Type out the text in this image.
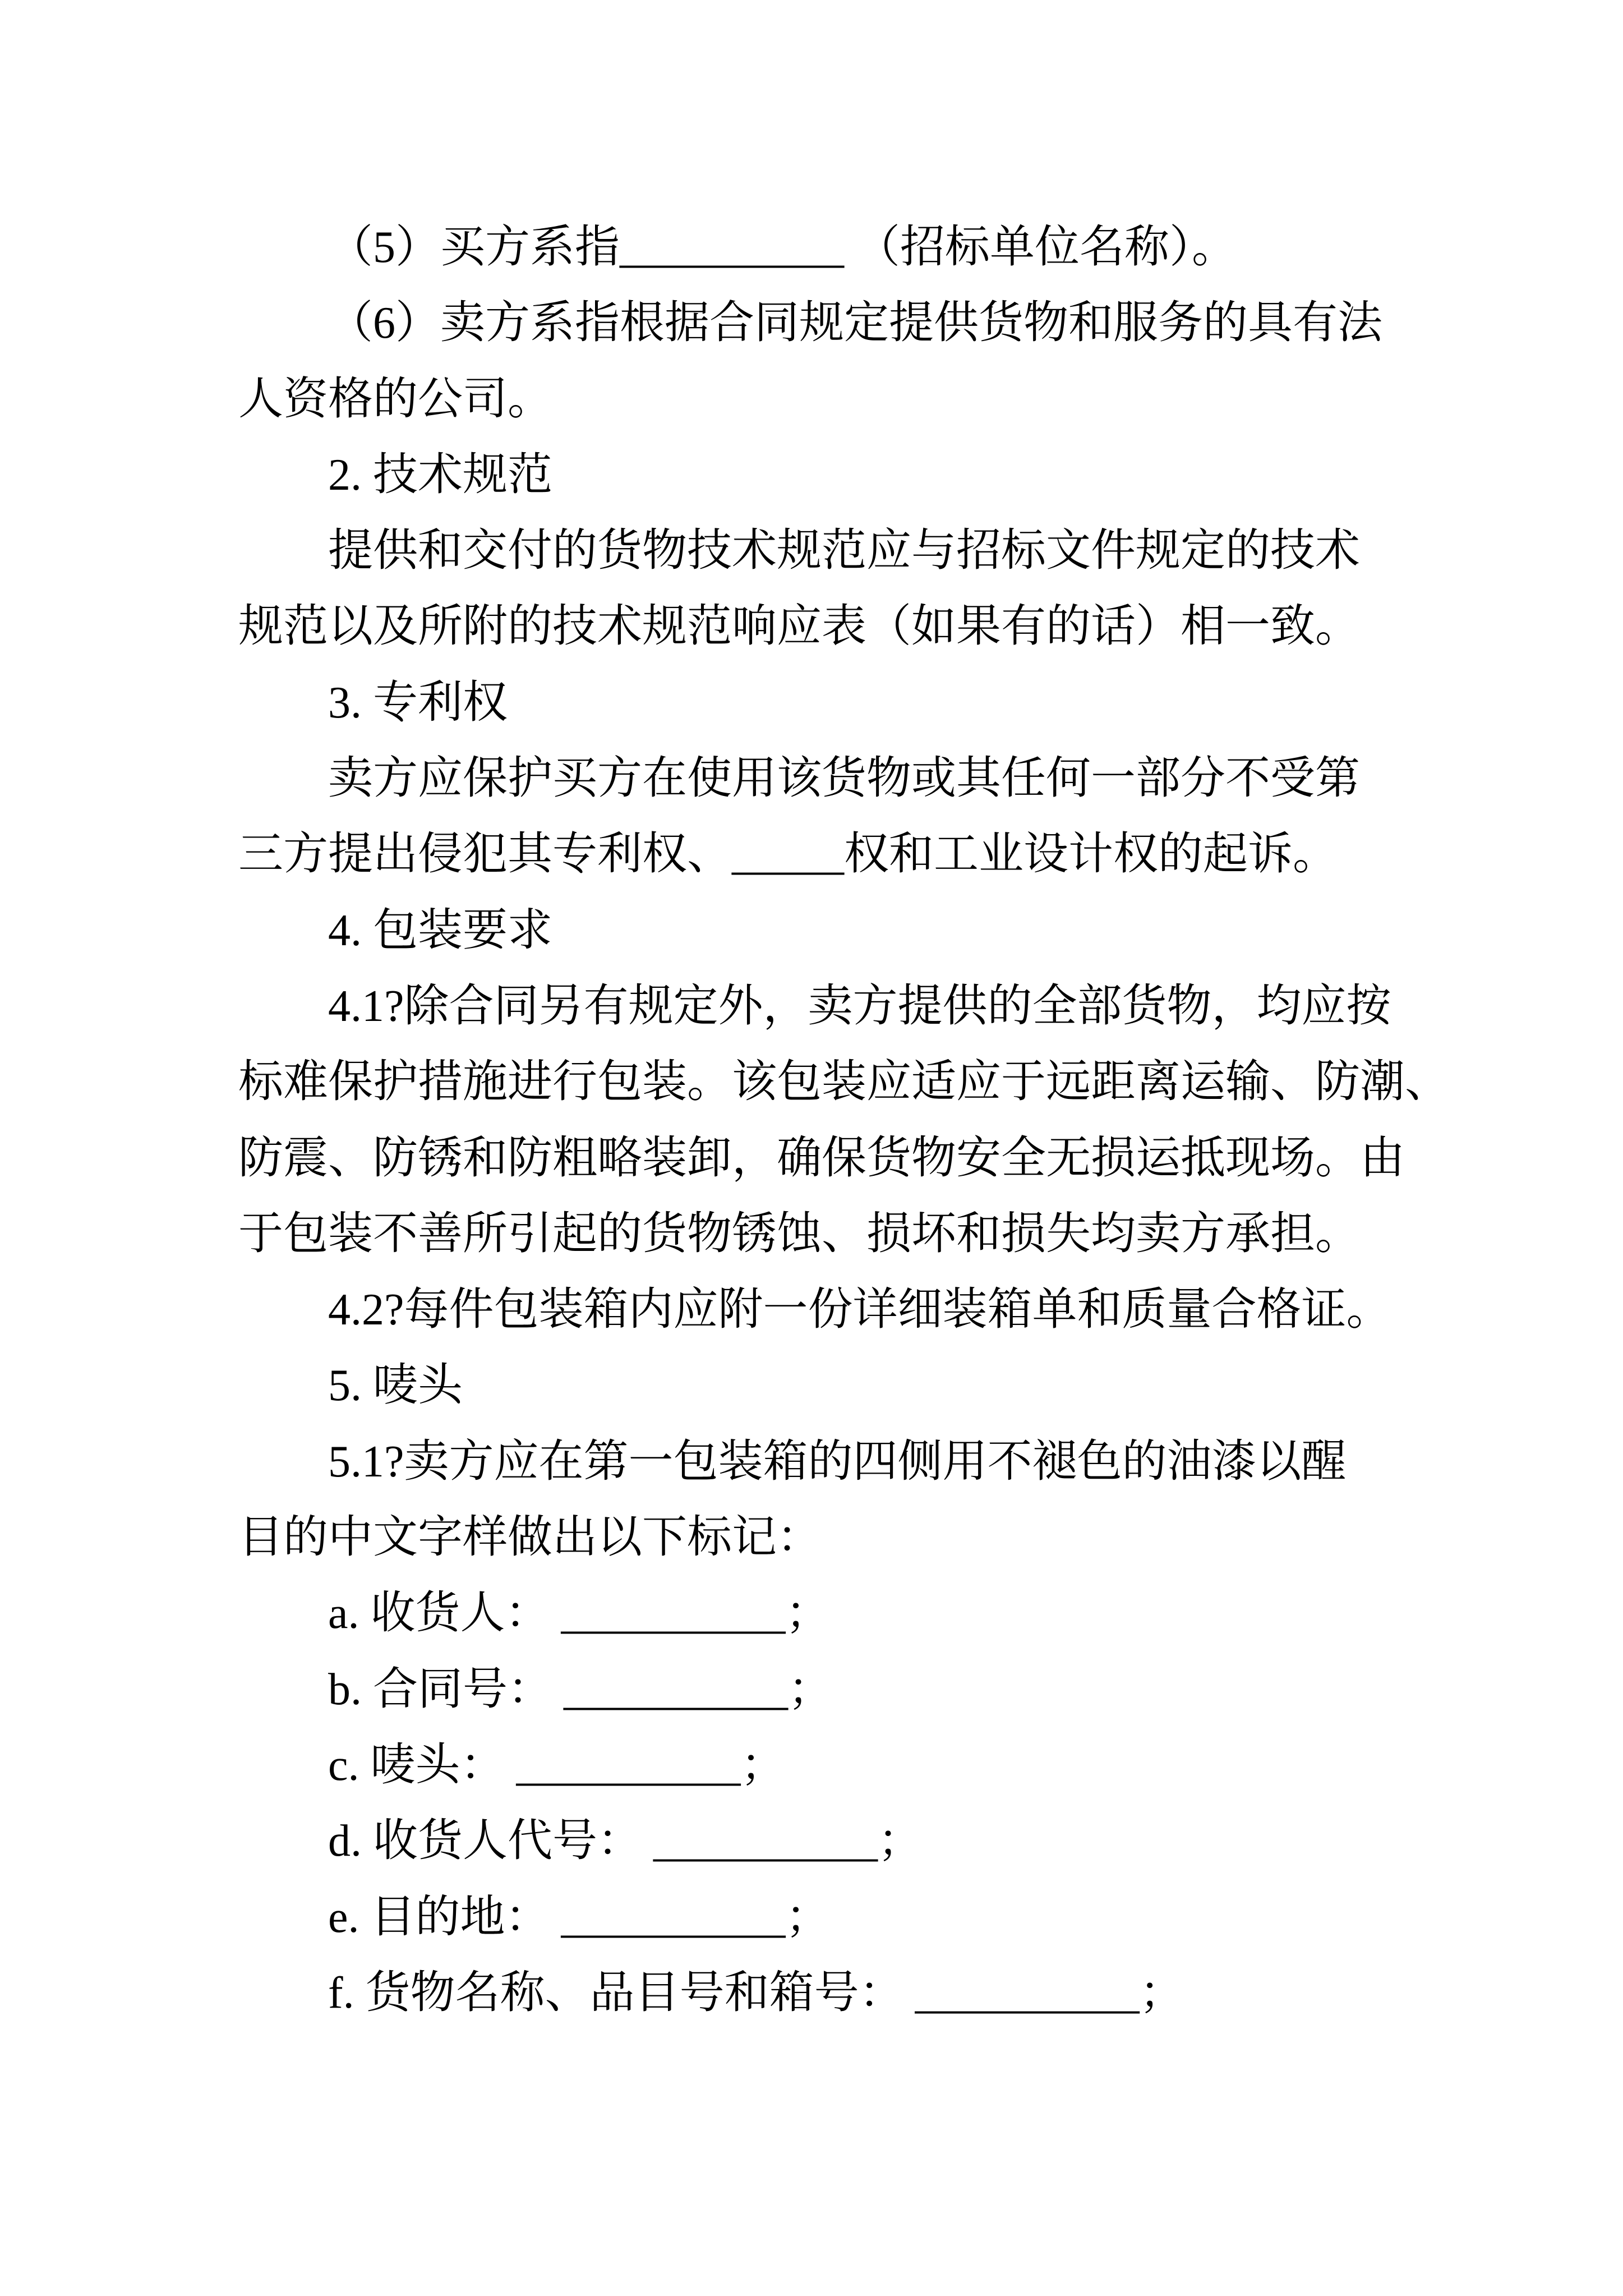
（5）买方系指__________ （招标单位名称）。
（6）卖方系指根据合同规定提供货物和服务的具有法
人资格的公司。
2. 技术规范
提供和交付的货物技术规范应与招标文件规定的技术
规范以及所附的技术规范响应表（如果有的话）相一致。
3. 专利权
卖方应保护买方在使用该货物或其任何一部分不受第
三方提出侵犯其专利权、_____权和工业设计权的起诉。
4. 包装要求
4.1?除合同另有规定外，卖方提供的全部货物，均应按
标难保护措施进行包装。该包装应适应于远距离运输、防潮、
防震、防锈和防粗略装卸，确保货物安全无损运抵现场。由
于包装不善所引起的货物锈蚀、损坏和损失均卖方承担。
4.2?每件包装箱内应附一份详细装箱单和质量合格证。
5. 唛头
5.1?卖方应在第一包装箱的四侧用不褪色的油漆以醒
目的中文字样做出以下标记：
a. 收货人： __________；
b. 合同号： __________；
c. 唛头： __________；
d. 收货人代号： __________；
e. 目的地： __________；
f. 货物名称、品目号和箱号： __________；
